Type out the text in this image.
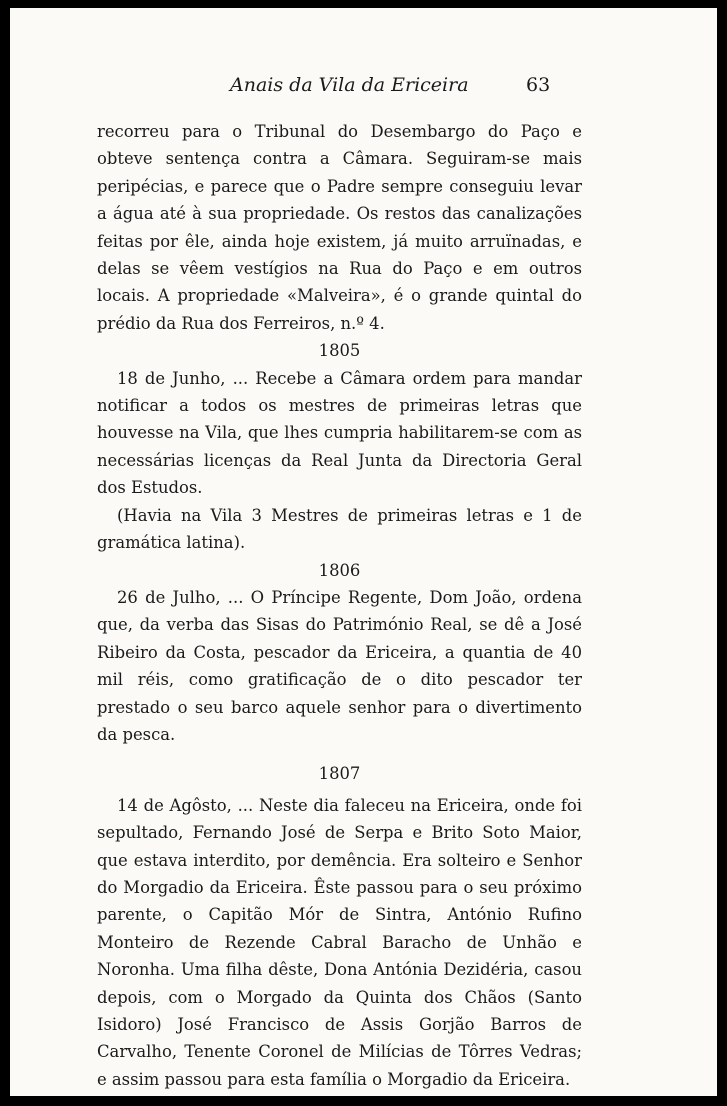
Anais da Vila da Ericeira	63

recorreu para o Tribunal do Desembargo do Paço e obteve sentença contra a Câmara. Seguiram-se mais peripécias, e parece que o Padre sempre conseguiu levar a água até à sua propriedade. Os restos das canalizações feitas por êle, ainda hoje existem, já muito arruïnadas, e delas se vêem vestígios na Rua do Paço e em outros locais. A propriedade «Malveira», é o grande quintal do prédio da Rua dos Ferreiros, n.º 4.

1805

18 de Junho, ... Recebe a Câmara ordem para mandar notificar a todos os mestres de primeiras letras que houvesse na Vila, que lhes cumpria habilitarem-se com as necessárias licenças da Real Junta da Directoria Geral dos Estudos.

(Havia na Vila 3 Mestres de primeiras letras e 1 de gramática latina).

1806

26 de Julho, ... O Príncipe Regente, Dom João, ordena que, da verba das Sisas do Património Real, se dê a José Ribeiro da Costa, pescador da Ericeira, a quantia de 40 mil réis, como gratificação de o dito pescador ter prestado o seu barco aquele senhor para o divertimento da pesca.

1807

14 de Agôsto, ... Neste dia faleceu na Ericeira, onde foi sepultado, Fernando José de Serpa e Brito Soto Maior, que estava interdito, por demência. Era solteiro e Senhor do Morgadio da Ericeira. Êste passou para o seu próximo parente, o Capitão Mór de Sintra, António Rufino Monteiro de Rezende Cabral Baracho de Unhão e Noronha. Uma filha dêste, Dona Antónia Dezidéria, casou depois, com o Morgado da Quinta dos Chãos (Santo Isidoro) José Francisco de Assis Gorjão Barros de Carvalho, Tenente Coronel de Milícias de Tôrres Vedras; e assim passou para esta família o Morgadio da Ericeira.
